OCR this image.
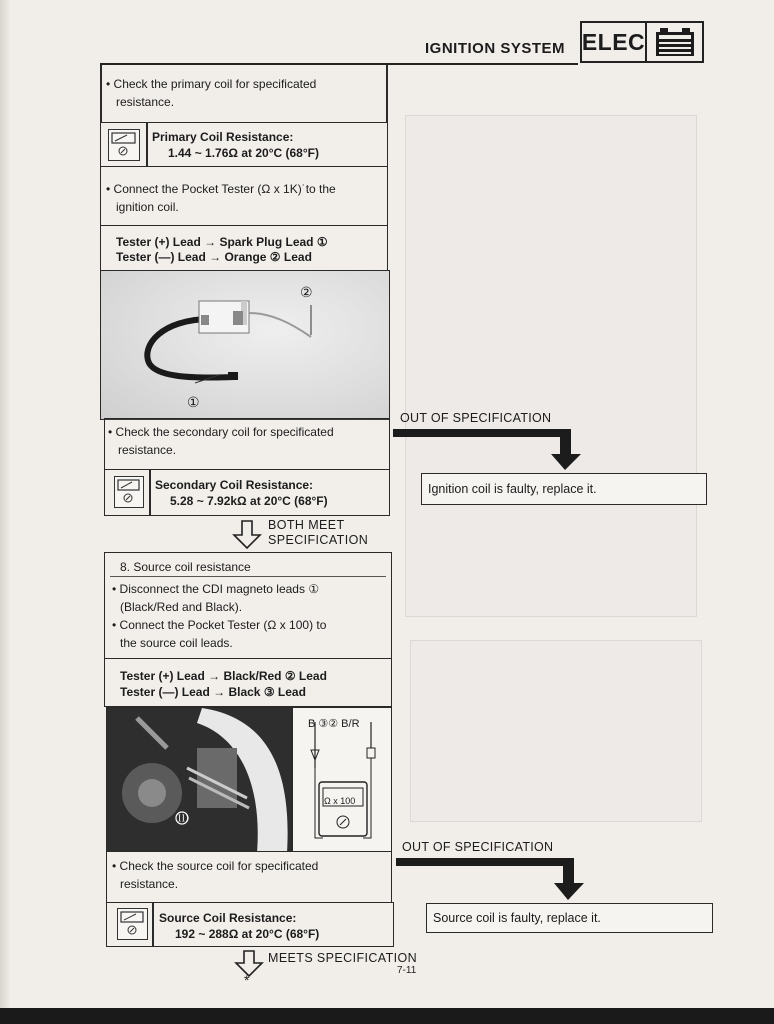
IGNITION SYSTEM ELEC
• Check the primary coil for specificated
resistance.
Primary Coil Resistance:
1.44 ~ 1.76Ω at 20°C (68°F)
• Connect the Pocket Tester (Ω x 1K)˙to the
ignition coil.
Tester (+) Lead → Spark Plug Lead ①
Tester (—) Lead → Orange ② Lead
②
①
• Check the secondary coil for specificated
resistance.
Secondary Coil Resistance:
5.28 ~ 7.92kΩ at 20°C (68°F)
OUT OF SPECIFICATION
Ignition coil is faulty, replace it.
BOTH MEET
SPECIFICATION
8. Source coil resistance
• Disconnect the CDI magneto leads ①
(Black/Red and Black).
• Connect the Pocket Tester (Ω x 100) to
the source coil leads.
Tester (+) Lead → Black/Red ② Lead
Tester (—) Lead → Black ③ Lead
⑪
B ③② B/R
Ω x 100
• Check the source coil for specificated
resistance.
Source Coil Resistance:
192 ~ 288Ω at 20°C (68°F)
OUT OF SPECIFICATION
Source coil is faulty, replace it.
MEETS SPECIFICATION
*
7-11
